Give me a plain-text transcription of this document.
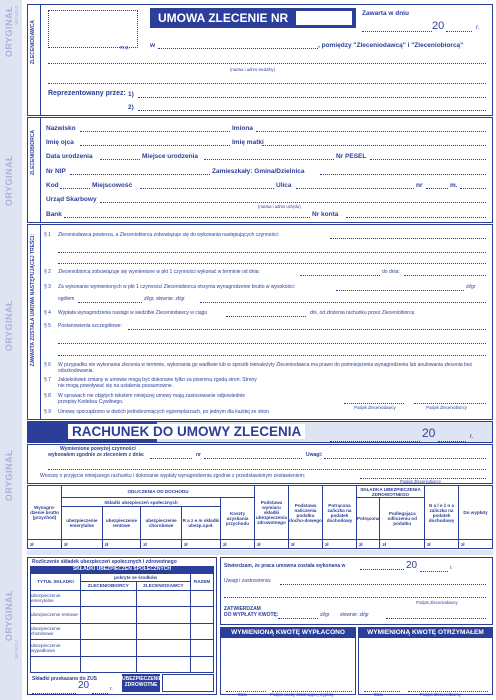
ORYGINAŁ
ORYGINAŁ
ORYGINAŁ
ORYGINAŁ
ORYGINAŁ
MiP 503-2
MiP 503-2
ZLECENIODAWCA	m.p.
UMOWA ZLECENIE NR	Zawarta w dniu
20	r.
w	, pomiędzy "Zleceniodawcą" i "Zleceniobiorcą"
(nazwa i adres siedziby)
Reprezentowany przez: 1)
2)
ZLECENIOBIORCA
Nazwisko	Imiona
Imię ojca	Imię matki
Data urodzenia	Miejsce urodzenia	Nr PESEL
Nr NIP	Zamieszkały: Gmina/Dzielnica
Kod	Miejscowość	Ulica	nr	m.
Urząd Skarbowy
(nazwa i adres urzędu)
Bank	Nr konta
ZAWARTA ZOSTAŁA UMOWA NASTĘPUJĄCEJ TREŚCI: § 1 Zleceniodawca powierza, a Zleceniobiorca zobowiązuje się do wykonania następujących czynności:
§ 2 Zleceniobiorca zobowiązuje się wymienione w pkt 1 czynności wykonać w terminie od dnia:	do dnia:
§ 3 Za wykonanie wymienionych w pkt 1 czynności Zleceniobiorca otrzyma wynagrodzenie brutto w wysokości:	zł/gr
ogółem	zł/gr, słownie: zł/gr
§ 4 Wypłata wynagrodzenia nastąpi w siedzibie Zleceniodawcy w ciągu	dni, od złożenia rachunku przez Zleceniobiorcę.
§ 5 Postanowienia szczegółowe:
§ 6 W przypadku nie wykonania zlecenia w terminie, wykonania go wadliwie lub w sposób nienależyty Zleceniodawca ma prawo do pomniejszenia wynagrodzenia lub anulowania zlecenia bez odszkodowania.
§ 7 Jakiekolwiek zmiany w umowie mogą być dokonane tylko za pisemną zgodą stron. Strony nie mogą powoływać się na ustalenia pozaumowne.
§ 8 W sprawach nie objętych tekstem niniejszej umowy mają zastosowanie odpowiednie przepisy Kodeksu Cywilnego.
§ 9 Umowę sporządzono w dwóch jednobrzmiących egzemplarzach, po jednym dla każdej ze stron.
Podpis Zleceniodawcy	Podpis Zleceniobiorcy
RACHUNEK DO UMOWY ZLECENIA	20	r.
Wymienione powyżej czynności
wykonałem zgodnie ze zleceniem z dnia:	nr	Uwagi:
Wnoszę o przyjęcie niniejszego rachunku i dokonanie wypłaty wynagrodzenia zgodnie z przedstawionym zestawieniem:
Podpis Zleceniobiorcy
Wynagro-dzenie brutto (przychód)	ODLICZENIA OD DOCHODU					Podstawa wymiaru składki ubezpieczenia zdrowotnego	Podstawa naliczenia podatku docho-dowego	Potrącona zaliczka na podatek dochodowy	SKŁADKA UBEZPIECZENIA ZDROWOTNEGO		N a l e ż n a zaliczka na podatek dochodowy	Do wypłaty
	Składki ubezpieczeń społecznych				Koszty uzyskania przychodu				Potrącona	Podlegająca odliczeniu od podatku		
	ubezpieczenie emerytalne	ubezpieczenie rentowe	ubezpieczenie chorobowe	R a z e m składki ubezp.społ.								
zł	zł	zł	zł	zł	zł	zł	zł	zł	zł	zł	zł	zł
Rozliczenie składek ubezpieczeń społecznych i zdrowotnego
SKŁADKI UBEZPIECZEŃ SPOŁECZNYCH
TYTUŁ SKŁADKI	pokryte ze środków		RAZEM
	ZLECENIOBIORCY	ZLECENIODAWCY	
ubezpieczenie emerytalne			
ubezpieczenie rentowe			
ubezpieczenie chorobowe			
ubezpieczenie wypadkowe			

Składki przekazano do ZUS
20	r.
UBEZPIECZENIE ZDROWOTNE
Stwierdzam, że praca umowna została wykonana w	20	r.
Uwagi i zastrzeżenia:
Podpis Zleceniodawcy
ZATWIERDZAM
DO WYPŁATY KWOTĘ:	zł/gr słownie: zł/gr
WYMIENIONĄ KWOTĘ WYPŁACONO
Data	Podpis osoby dokonującej wypłaty
WYMIENIONĄ KWOTĘ OTRZYMAŁEM
Data	Podpis Zleceniobiorcy
